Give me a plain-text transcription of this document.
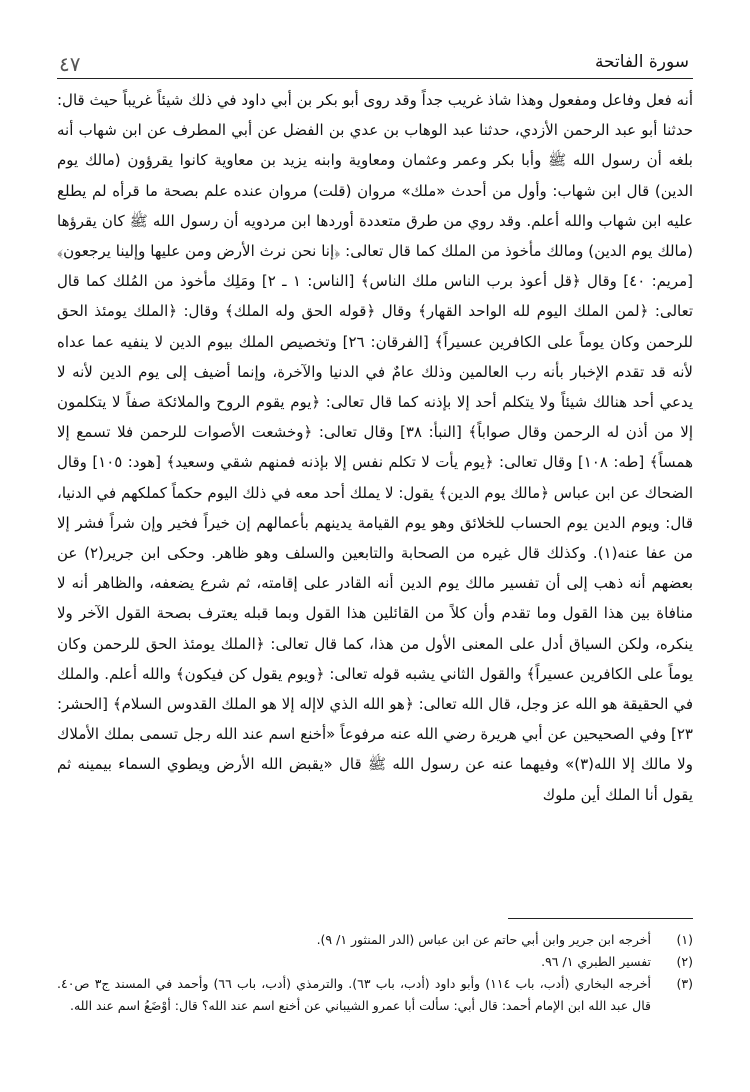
٤٧	سورة الفاتحة

أنه فعل وفاعل ومفعول وهذا شاذ غريب جداً وقد روى أبو بكر بن أبي داود في ذلك شيئاً غريباً حيث قال: حدثنا أبو عبد الرحمن الأزدي، حدثنا عبد الوهاب بن عدي بن الفضل عن أبي المطرف عن ابن شهاب أنه بلغه أن رسول الله ﷺ وأبا بكر وعمر وعثمان ومعاوية وابنه يزيد بن معاوية كانوا يقرؤون (مالك يوم الدين) قال ابن شهاب: وأول من أحدث «ملك» مروان (قلت) مروان عنده علم بصحة ما قرأه لم يطلع عليه ابن شهاب والله أعلم. وقد روي من طرق متعددة أوردها ابن مردويه أن رسول الله ﷺ كان يقرؤها (مالك يوم الدين) ومالك مأخوذ من الملك كما قال تعالى: ﴿إنا نحن نرث الأرض ومن عليها وإلينا يرجعون﴾ [مريم: ٤٠] وقال ﴿قل أعوذ برب الناس ملك الناس﴾ [الناس: ١ ـ ٢] ومَلِك مأخوذ من المُلك كما قال تعالى: ﴿لمن الملك اليوم لله الواحد القهار﴾ وقال ﴿قوله الحق وله الملك﴾ وقال: ﴿الملك يومئذ الحق للرحمن وكان يوماً على الكافرين عسيراً﴾ [الفرقان: ٢٦] وتخصيص الملك بيوم الدين لا ينفيه عما عداه لأنه قد تقدم الإخبار بأنه رب العالمين وذلك عامٌ في الدنيا والآخرة، وإنما أضيف إلى يوم الدين لأنه لا يدعي أحد هنالك شيئاً ولا يتكلم أحد إلا بإذنه كما قال تعالى: ﴿يوم يقوم الروح والملائكة صفاً لا يتكلمون إلا من أذن له الرحمن وقال صواباً﴾ [النبأ: ٣٨] وقال تعالى: ﴿وخشعت الأصوات للرحمن فلا تسمع إلا همساً﴾ [طه: ١٠٨] وقال تعالى: ﴿يوم يأت لا تكلم نفس إلا بإذنه فمنهم شقي وسعيد﴾ [هود: ١٠٥] وقال الضحاك عن ابن عباس ﴿مالك يوم الدين﴾ يقول: لا يملك أحد معه في ذلك اليوم حكماً كملكهم في الدنيا، قال: ويوم الدين يوم الحساب للخلائق وهو يوم القيامة يدينهم بأعمالهم إن خيراً فخير وإن شراً فشر إلا من عفا عنه(١). وكذلك قال غيره من الصحابة والتابعين والسلف وهو ظاهر. وحكى ابن جرير(٢) عن بعضهم أنه ذهب إلى أن تفسير مالك يوم الدين أنه القادر على إقامته، ثم شرع يضعفه، والظاهر أنه لا منافاة بين هذا القول وما تقدم وأن كلاً من القائلين هذا القول وبما قبله يعترف بصحة القول الآخر ولا ينكره، ولكن السياق أدل على المعنى الأول من هذا، كما قال تعالى: ﴿الملك يومئذ الحق للرحمن وكان يوماً على الكافرين عسيراً﴾ والقول الثاني يشبه قوله تعالى: ﴿ويوم يقول كن فيكون﴾ والله أعلم. والملك في الحقيقة هو الله عز وجل، قال الله تعالى: ﴿هو الله الذي لاإله إلا هو الملك القدوس السلام﴾ [الحشر: ٢٣] وفي الصحيحين عن أبي هريرة رضي الله عنه مرفوعاً «أخنع اسم عند الله رجل تسمى بملك الأملاك ولا مالك إلا الله(٣)» وفيهما عنه عن رسول الله ﷺ قال «يقبض الله الأرض ويطوي السماء بيمينه ثم يقول أنا الملك أين ملوك

(١)
أخرجه ابن جرير وابن أبي حاتم عن ابن عباس (الدر المنثور ١/ ٩).
(٢)
تفسير الطبري ١/ ٩٦.
(٣)
أخرجه البخاري (أدب، باب ١١٤) وأبو داود (أدب، باب ٦٣). والترمذي (أدب، باب ٦٦) وأحمد في المسند ج٣ ص٤٠. قال عبد الله ابن الإمام أحمد: قال أبي: سألت أبا عمرو الشيباني عن أخنع اسم عند الله؟ قال: أوْضَعُ اسم عند الله.
